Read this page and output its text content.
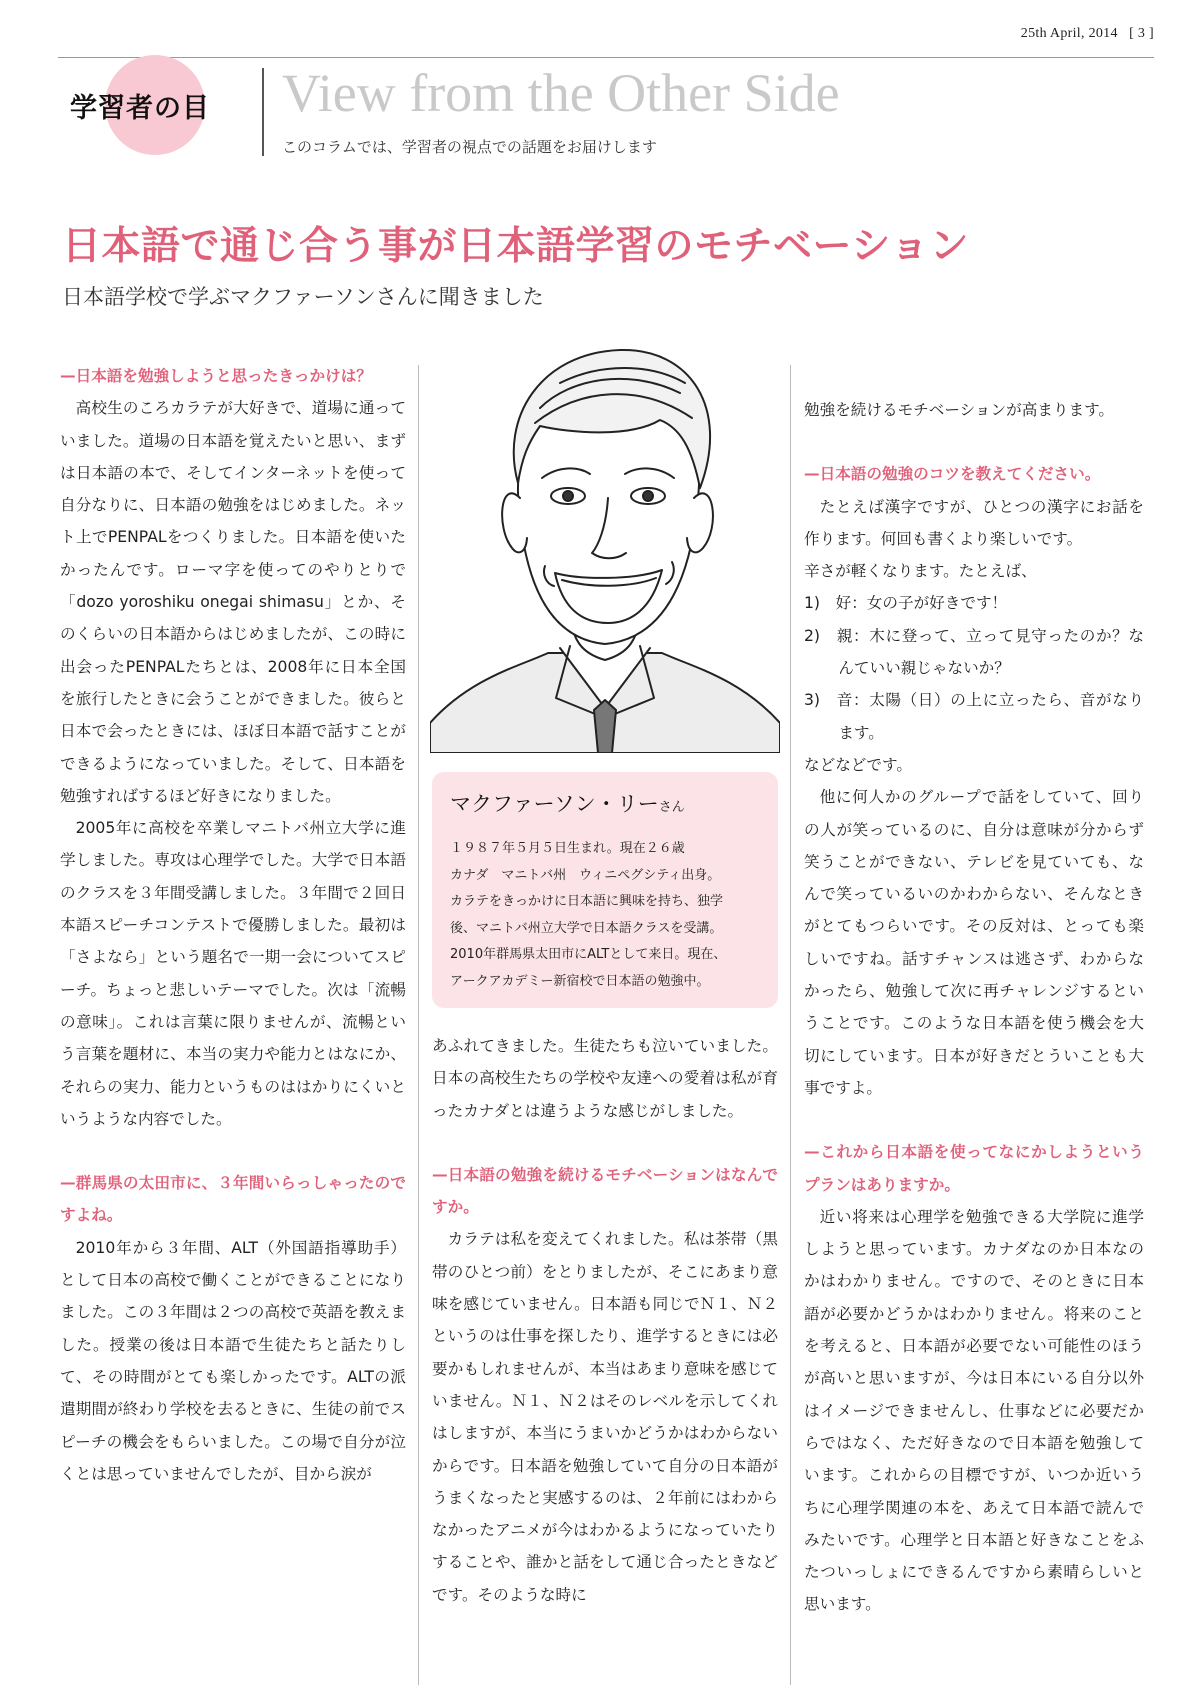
25th April, 2014 [ 3 ]
学習者の目 View from the Other Side
このコラムでは、学習者の視点での話題をお届けします
日本語で通じ合う事が日本語学習のモチベーション
日本語学校で学ぶマクファーソンさんに聞きました

—日本語を勉強しようと思ったきっかけは？

高校生のころカラテが大好きで、道場に通っていました。道場の日本語を覚えたいと思い、まずは日本語の本で、そしてインターネットを使って自分なりに、日本語の勉強をはじめました。ネット上でPENPALをつくりました。日本語を使いたかったんです。ローマ字を使ってのやりとりで「dozo yoroshiku onegai shimasu」とか、そのくらいの日本語からはじめましたが、この時に出会ったPENPALたちとは、2008年に日本全国を旅行したときに会うことができました。彼らと日本で会ったときには、ほぼ日本語で話すことができるようになっていました。そして、日本語を勉強すればするほど好きになりました。

2005年に高校を卒業しマニトバ州立大学に進学しました。専攻は心理学でした。大学で日本語のクラスを３年間受講しました。３年間で２回日本語スピーチコンテストで優勝しました。最初は「さよなら」という題名で一期一会についてスピーチ。ちょっと悲しいテーマでした。次は「流暢の意味」。これは言葉に限りませんが、流暢という言葉を題材に、本当の実力や能力とはなにか、それらの実力、能力というものははかりにくいというような内容でした。

—群馬県の太田市に、３年間いらっしゃったのですよね。

2010年から３年間、ALT（外国語指導助手）として日本の高校で働くことができることになりました。この３年間は２つの高校で英語を教えました。授業の後は日本語で生徒たちと話たりして、その時間がとても楽しかったです。ALTの派遣期間が終わり学校を去るときに、生徒の前でスピーチの機会をもらいました。この場で自分が泣くとは思っていませんでしたが、目から涙が

マクファーソン・リーさん
１９８７年５月５日生まれ。現在２６歳
カナダ　マニトバ州　ウィニペグシティ出身。
カラテをきっかけに日本語に興味を持ち、独学
後、マニトバ州立大学で日本語クラスを受講。
2010年群馬県太田市にALTとして来日。現在、
アークアカデミー新宿校で日本語の勉強中。

あふれてきました。生徒たちも泣いていました。日本の高校生たちの学校や友達への愛着は私が育ったカナダとは違うような感じがしました。

—日本語の勉強を続けるモチベーションはなんですか。

カラテは私を変えてくれました。私は茶帯（黒帯のひとつ前）をとりましたが、そこにあまり意味を感じていません。日本語も同じでＮ１、Ｎ２というのは仕事を探したり、進学するときには必要かもしれませんが、本当はあまり意味を感じていません。Ｎ１、Ｎ２はそのレベルを示してくれはしますが、本当にうまいかどうかはわからないからです。日本語を勉強していて自分の日本語がうまくなったと実感するのは、２年前にはわからなかったアニメが今はわかるようになっていたりすることや、誰かと話をして通じ合ったときなどです。そのような時に

勉強を続けるモチベーションが高まります。

—日本語の勉強のコツを教えてください。

たとえば漢字ですが、ひとつの漢字にお話を作ります。何回も書くより楽しいです。

辛さが軽くなります。たとえば、

1)　好：女の子が好きです！

2)　親：木に登って、立って見守ったのか？なんていい親じゃないか？

3)　音：太陽（日）の上に立ったら、音がなります。

などなどです。

他に何人かのグループで話をしていて、回りの人が笑っているのに、自分は意味が分からず笑うことができない、テレビを見ていても、なんで笑っているいのかわからない、そんなときがとてもつらいです。その反対は、とっても楽しいですね。話すチャンスは逃さず、わからなかったら、勉強して次に再チャレンジするということです。このような日本語を使う機会を大切にしています。日本が好きだとういことも大事ですよ。

—これから日本語を使ってなにかしようというプランはありますか。

近い将来は心理学を勉強できる大学院に進学しようと思っています。カナダなのか日本なのかはわかりません。ですので、そのときに日本語が必要かどうかはわかりません。将来のことを考えると、日本語が必要でない可能性のほうが高いと思いますが、今は日本にいる自分以外はイメージできませんし、仕事などに必要だからではなく、ただ好きなので日本語を勉強しています。これからの目標ですが、いつか近いうちに心理学関連の本を、あえて日本語で読んでみたいです。心理学と日本語と好きなことをふたついっしょにできるんですから素晴らしいと思います。
